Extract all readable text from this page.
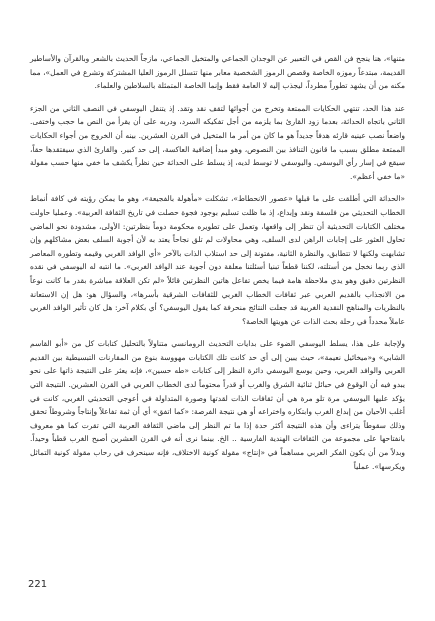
متنها»، هنا ينجح فن القص في التعبير عن الوجدان الجماعي والمتخيل الجماعي، مازجاً الحديث بالشعر وبالقرآن والأساطير القديمة، مبتدعاً رموزه الخاصة وقصص الرموز الشخصية معابر منها تتسلل الرموز العليا المشتركة وتشرع في العمل»، مما مكنه من أن يشهد تطوراً مطرداً، ليجذب إليه لا العامة فقط وإنما الخاصة المتمثلة بالسلاطين والعلماء.

عند هذا الحد، تنتهي الحكايات الممتعة وتخرج من أجوائها لتقف نقد وتقد. إذ يتنقل اليوسفي في النصف الثاني من الجزء الثاني باتجاه الحداثة، بعدما زود القارئ بما يلزمه من أجل تفكيكه السرد، ودربه على أن يقرأ من النص ما حجب واختفى. واضعاً نصب عينيه قارئه هدفاً جديداً هو ما كان من أمر ما المتخيل في القرن العشرين. بينه أن الخروج من أجواء الحكايات الممتعة مطلق بسبب ما قانون التنافذ بين النصوص، وهو مبدأ إضافية العاكسة، إلى حد كبير. والقارئ الذي سيفتقدها حقاً، سيقع في إسار رأي اليوسفي. واليوسفي لا توسط لديه، إذ يسلط على الحداثة حين نظراً يكشف ما خفي منها حسب مقولة «ما خفي أعظم».

«الحداثة التي أطلقت على ما قبلها «عصور الانحطاط»، تشكلت «مأهولة بالفجيعة»، وهو ما يمكن رؤيته في كافة أنماط الخطاب التحديثي من فلسفة ونقد وإبداع، إذ ما ظلت تسليم بوجود فجوة حصلت في تاريخ الثقافة العربية». وعمليا حاولت مختلف الكتابات التحديثية أن تنظر إلى واقعها، وتعمل على تطويره محكومة دوماً بنظرتين: الأولى، مشدودة نحو الماضي تحاول العثور على إجابات الراهن لدى السلف، وهي محاولات لم تلق نجاحاً يعتد به لأن أجوبة السلف بعض مشاكلهم وإن تشابهت ولكنها لا تتطابق، والنظرة الثانية، مفتونة إلى حد استلاب الذات بالآخر «أي الوافد الغربي وقيمه وتطوره المعاصر الذي ربما نخجل من أستلته، لكننا قطعاً تبنيا أسئلتنا معلقة دون أجوبة عند الوافد الغربي». ما انتبه له اليوسفي في نقده النظرتين دقيق وهو يدي ملاحظة هامة فيما يخص تفاعل هاتين النظرتين قائلاً «لم تكن العلاقة مباشرة بقدر ما كانت نوعاً من الانجذاب بالقديم العربي عبر ثقافات الخطاب الغربي للثقافات الشرقية بأسرها»، والسؤال هو: هل إن الاستعانة بالنظريات والمناهج النقدية الغربية قد جعلت النتائج منحرفة كما يقول اليوسفي؟ أي بكلام آخر: هل كان تأثير الوافد الغربي عاملاً محدداً في رحلة بحث الذات عن هويتها الخاصة؟

ولإجابة على هذا، يسلط اليوسفي الضوء على بدايات التحديث الرومانسي متناولاً بالتحليل كتابات كل من «أبو القاسم الشابي» و«ميخائيل نعيمة»، حيث يبين إلى أي حد كانت تلك الكتابات مهووسة بنوع من المقارنات التبسيطية بين القديم العربي والوافد الغربي، وحين يوسع اليوسفي دائرة النظر إلى كتابات «طه حسين»، فإنه يعثر على النتيجة ذاتها على نحو يبدو فيه أن الوقوع في حبائل ثنائية الشرق والغرب أو قدراً محتوماً لدى الخطاب العربي في القرن العشرين. النتيجة التي يؤكد عليها اليوسفي مرة تلو مرة هي أن ثقافات الذات لقدتها وصورة المتداولة في أعوجي التحديثي الغربي، كانت في أغلب الأحيان من إبداع الغرب وابتكاره واختراعه أو هي نتيجة الفرصة: «كما اتفق» أي أن ثمة تفاعلاً وإنتاجاً وشروطاً تحقق وذلك سقوطاً يتراءى وأن هذه النتيجة أكثر حدة إذا ما تم النظر إلى ماضي الثقافة العربية التي تقرت كما هو معروف بانفتاحها على مجموعة من الثقافات الهندية الفارسية .. الخ. بينما نرى أنه في القرن العشرين أصبح الغرب قطباً وحيداً. وبدلاً من أن يكون الفكر العربي مساهماً في «إنتاج» مقولة كونية الاختلاف، فإنه سينحرف في رحاب مقولة كونية التماثل ويكرسها». عملياً

221
